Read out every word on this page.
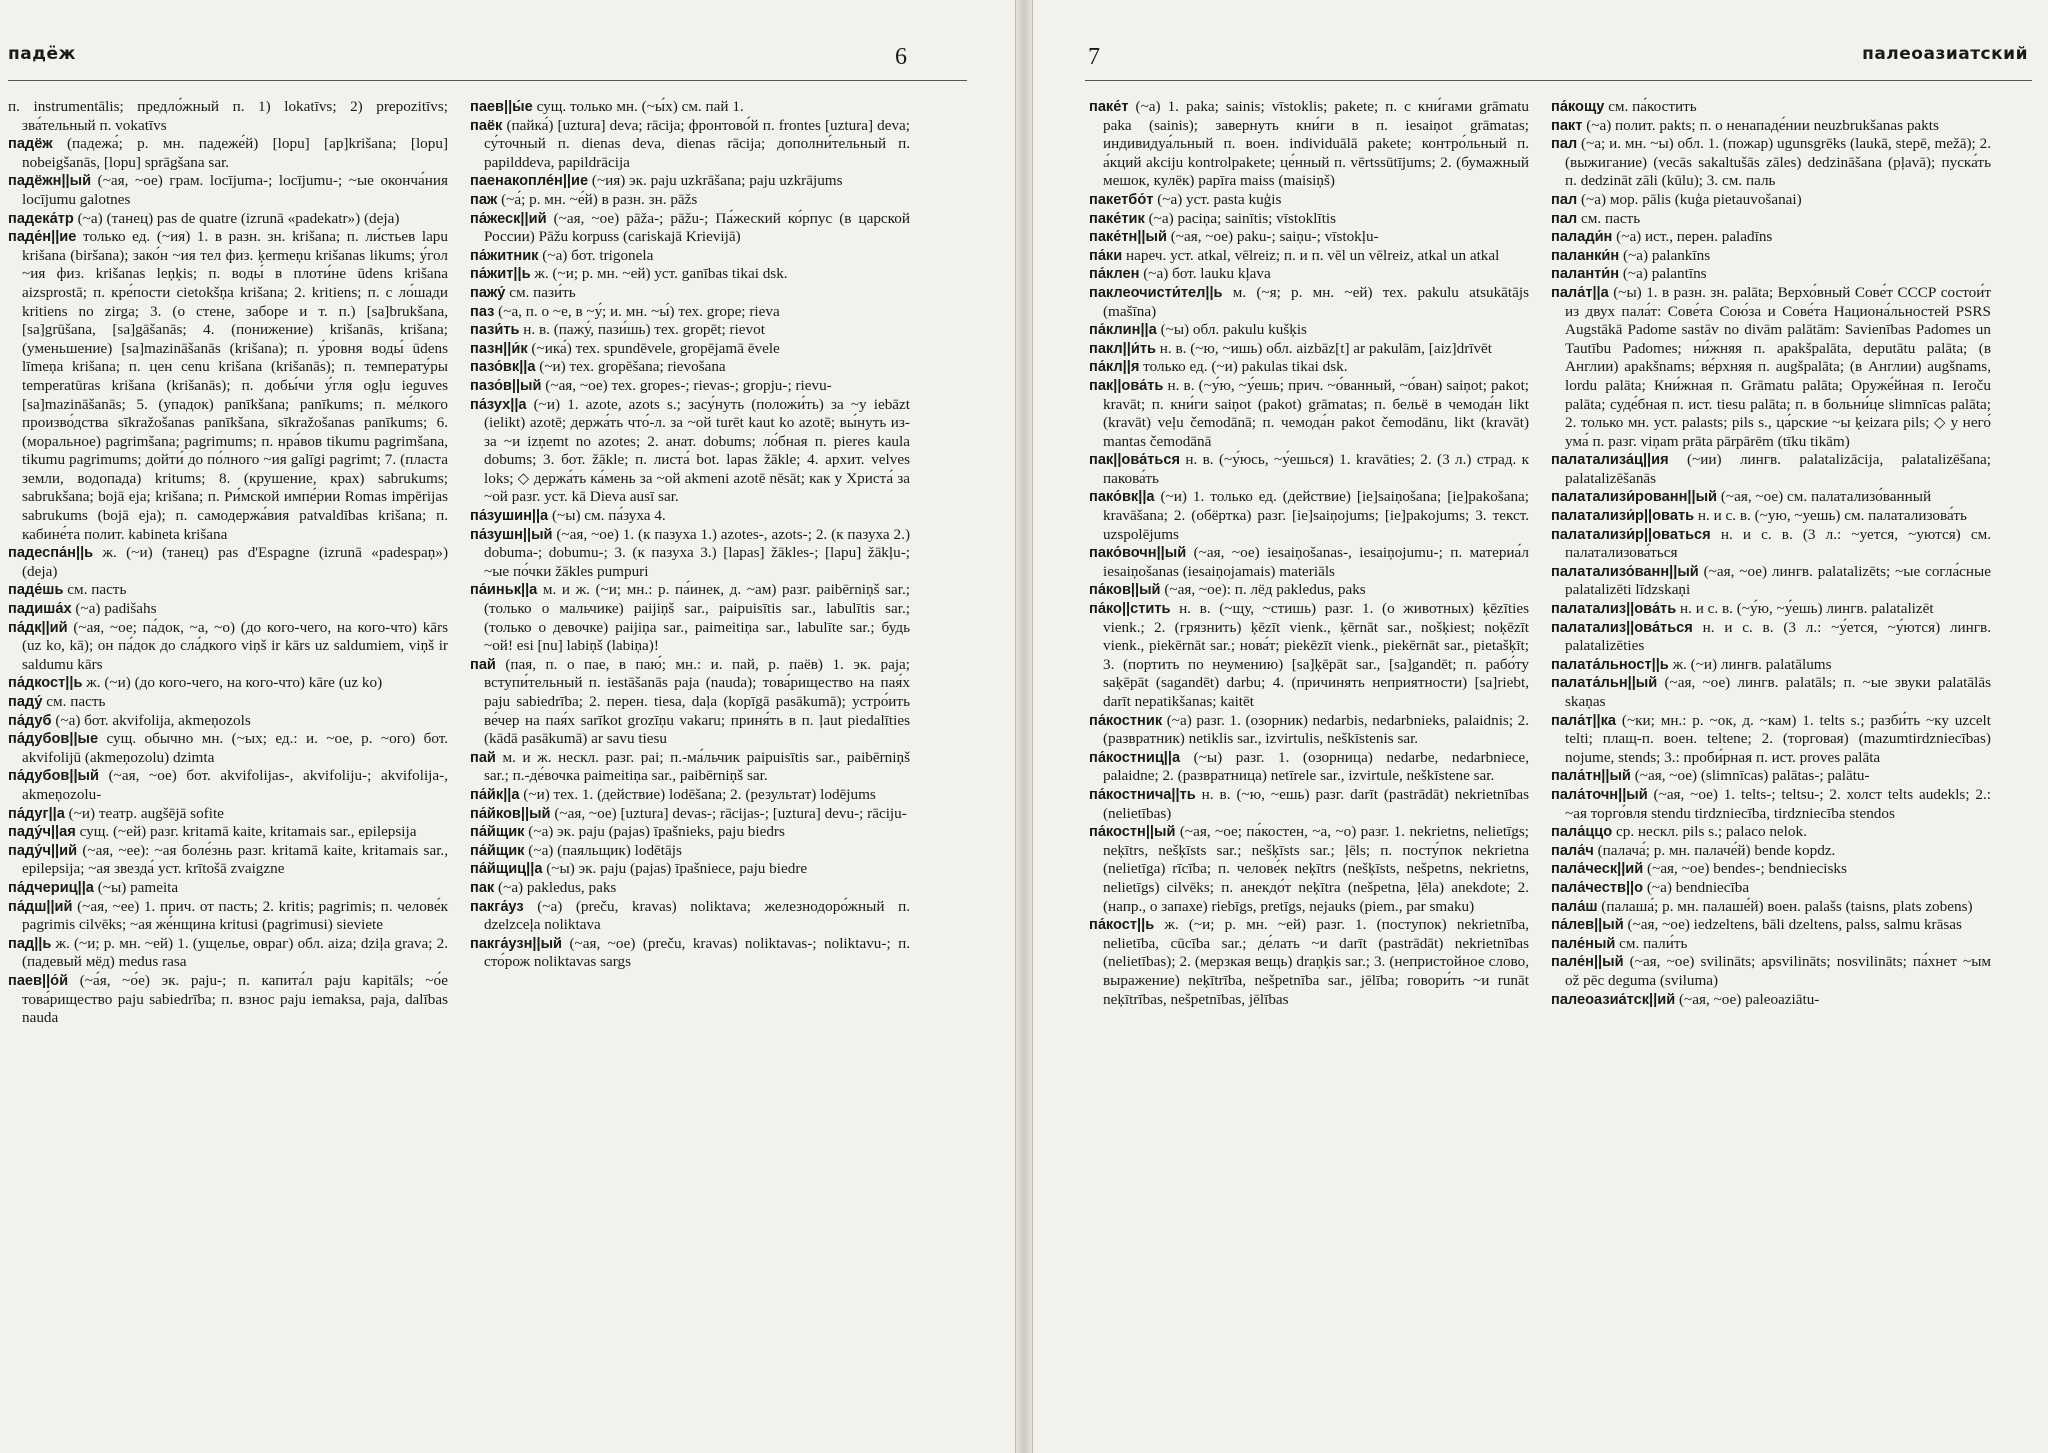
падёж	6

п. instrumentālis; предло́жный п. 1) lokatīvs; 2) prepozitīvs; зва́тельный п. vokatīvs

падёж (падежа́; р. мн. падеже́й) [lopu] [ap]krišana; [lopu] nobeigšanās, [lopu] sprāgšana sar.

падёжн||ый (~ая, ~ое) грам. locījuma-; locījumu-; ~ые оконча́ния locījumu galotnes

падека́тр (~а) (танец) pas de quatre (izrunā «padekatr») (deja)

паде́н||ие только ед. (~ия) 1. в разн. зн. krišana; п. ли́стьев lapu krišana (biršana); зако́н ~ия тел физ. ķermeņu krišanas likums; у́гол ~ия физ. krišanas leņķis; п. воды́ в плоти́не ūdens krišana aizsprostā; п. кре́пости cietokšņa krišana; 2. kritiens; п. с ло́шади kritiens no zirga; 3. (о стене, заборе и т. п.) [sa]brukšana, [sa]grūšana, [sa]gāšanās; 4. (понижение) krišanās, krišana; (уменьшение) [sa]mazināšanās (krišana); п. у́ровня воды́ ūdens līmeņa krišana; п. цен cenu krišana (krišanās); п. температу́ры temperatūras krišana (krišanās); п. добы́чи у́гля ogļu ieguves [sa]mazināšanās; 5. (упадок) panīkšana; panīkums; п. ме́лкого произво́дства sīkražošanas panīkšana, sīkražošanas panīkums; 6. (моральное) pagrimšana; pagrimums; п. нра́вов tikumu pagrimšana, tikumu pagrimums; дойти́ до по́лного ~ия galīgi pagrimt; 7. (пласта земли, водопада) kritums; 8. (крушение, крах) sabrukums; sabrukšana; bojā eja; krišana; п. Ри́мской импе́рии Romas impērijas sabrukums (bojā eja); п. самодержа́вия patvaldības krišana; п. кабине́та полит. kabineta krišana

падеспа́н||ь ж. (~и) (танец) pas d'Espagne (izrunā «padespaņ») (deja)

паде́шь см. пасть

падиша́х (~а) padišahs

па́дк||ий (~ая, ~ое; па́док, ~а, ~о) (до кого-чего, на кого-что) kārs (uz ko, kā); он па́док до сла́дкого viņš ir kārs uz saldumiem, viņš ir saldumu kārs

па́дкост||ь ж. (~и) (до кого-чего, на кого-что) kāre (uz ko)

паду́ см. пасть

па́дуб (~а) бот. akvifolija, akmeņozols

па́дубов||ые сущ. обычно мн. (~ых; ед.: и. ~ое, р. ~ого) бот. akvifolijū (akmeņozolu) dzimta

па́дубов||ый (~ая, ~ое) бот. akvifolijas-, akvifoliju-; akvifolija-, akmeņozolu-

па́дуг||а (~и) театр. augšējā sofite

паду́ч||ая сущ. (~ей) разг. kritamā kaite, kritamais sar., epilepsija

паду́ч||ий (~ая, ~ее): ~ая боле́знь разг. kritamā kaite, kritamais sar., epilepsija; ~ая звезда́ уст. krītošā zvaigzne

па́дчериц||а (~ы) pameita

па́дш||ий (~ая, ~ее) 1. прич. от пасть; 2. kritis; pagrimis; п. челове́к pagrimis cilvēks; ~ая же́нщина kritusi (pagrimusi) sieviete

пад||ь ж. (~и; р. мн. ~ей) 1. (ущелье, овраг) обл. aiza; dziļa grava; 2. (падевый мёд) medus rasa

паев||о́й (~а́я, ~о́е) эк. paju-; п. капита́л paju kapitāls; ~о́е това́рищество paju sabiedrība; п. взнос paju iemaksa, paja, dalības nauda

паев||ы́е сущ. только мн. (~ы́х) см. пай 1.

паёк (пайка́) [uztura] deva; rācija; фронтово́й п. frontes [uztura] deva; су́точный п. dienas deva, dienas rācija; дополни́тельный п. papilddeva, papildrācija

паенакопле́н||ие (~ия) эк. paju uzkrāšana; paju uzkrājums

паж (~а́; р. мн. ~е́й) в разн. зн. pāžs

па́жеск||ий (~ая, ~ое) pāža-; pāžu-; Па́жеский ко́рпус (в царской России) Pāžu korpuss (cariskajā Krievijā)

па́житник (~а) бот. trigonela

па́жит||ь ж. (~и; р. мн. ~ей) уст. ganības tikai dsk.

пажу́ см. пази́ть

паз (~а, п. о ~е, в ~у́; и. мн. ~ы́) тех. grope; rieva

пази́ть н. в. (пажу́, пази́шь) тех. gropēt; rievot

пазн||и́к (~ика́) тех. spundēvele, gropējamā ēvele

пазо́вк||а (~и) тех. gropēšana; rievošana

пазо́в||ый (~ая, ~ое) тех. gropes-; rievas-; gropju-; rievu-

па́зух||а (~и) 1. azote, azots s.; засу́нуть (положи́ть) за ~у iebāzt (ielikt) azotē; держа́ть что́-л. за ~ой turēt kaut ko azotē; вы́нуть из-за ~и izņemt no azotes; 2. анат. dobums; ло́бная п. pieres kaula dobums; 3. бот. žākle; п. листа́ bot. lapas žākle; 4. архит. velves loks; ◇ держа́ть ка́мень за ~ой akmeni azotē nēsāt; как у Христа́ за ~ой разг. уст. kā Dieva ausī sar.

па́зушин||а (~ы) см. па́зуха 4.

па́зушн||ый (~ая, ~ое) 1. (к пазуха 1.) azotes-, azots-; 2. (к пазуха 2.) dobuma-; dobumu-; 3. (к пазуха 3.) [lapas] žākles-; [lapu] žākļu-; ~ые по́чки žākles pumpuri

па́иньк||а м. и ж. (~и; мн.: р. па́инек, д. ~ам) разг. paibērniņš sar.; (только о мальчике) paijiņš sar., paipuisītis sar., labulītis sar.; (только о девочке) paijiņa sar., paimeitiņa sar., labulīte sar.; будь ~ой! esi [nu] labiņš (labiņa)!

пай (пая, п. о пае, в паю́; мн.: и. пай, р. паёв) 1. эк. paja; вступи́тельный п. iestāšanās paja (nauda); това́рищество на пая́х paju sabiedrība; 2. перен. tiesa, daļa (kopīgā pasākumā); устро́ить ве́чер на пая́х sarīkot grozīņu vakaru; приня́ть в п. ļaut piedalīties (kādā pasākumā) ar savu tiesu

пай м. и ж. нескл. разг. pai; п.-ма́льчик paipuisītis sar., paibērniņš sar.; п.-де́вочка paimeitiņa sar., paibērniņš sar.

па́йк||а (~и) тех. 1. (действие) lodēšana; 2. (результат) lodējums

па́йков||ый (~ая, ~ое) [uztura] devas-; rācijas-; [uztura] devu-; rāciju-

па́йщик (~а) эк. paju (pajas) īpašnieks, paju biedrs

па́йщик (~а) (паяльщик) lodētājs

па́йщиц||а (~ы) эк. paju (pajas) īpašniece, paju biedre

пак (~а) pakledus, paks

пакга́уз (~а) (preču, kravas) noliktava; железнодоро́жный п. dzelzceļa noliktava

пакга́узн||ый (~ая, ~ое) (preču, kravas) noliktavas-; noliktavu-; п. сто́рож noliktavas sargs

7	палеоазиатский

паке́т (~а) 1. paka; sainis; vīstoklis; pakete; п. с кни́гами grāmatu paka (sainis); завернуть кни́ги в п. iesaiņot grāmatas; индивидуа́льный п. воен. individuālā pakete; контро́льный п. а́кций akciju kontrolpakete; це́нный п. vērtssūtījums; 2. (бумажный мешок, кулёк) papīra maiss (maisiņš)

пакетбо́т (~а) уст. pasta kuģis

паке́тик (~а) paciņa; sainītis; vīstoklītis

паке́тн||ый (~ая, ~ое) paku-; saiņu-; vīstokļu-

па́ки нареч. уст. atkal, vēlreiz; п. и п. vēl un vēlreiz, atkal un atkal

па́клен (~а) бот. lauku kļava

паклеочисти́тел||ь м. (~я; р. мн. ~ей) тех. pakulu atsukātājs (mašīna)

па́клин||а (~ы) обл. pakulu kušķis

пакл||и́ть н. в. (~ю, ~ишь) обл. aizbāz[t] ar pakulām, [aiz]drīvēt

па́кл||я только ед. (~и) pakulas tikai dsk.

пак||ова́ть н. в. (~у́ю, ~у́ешь; прич. ~о́ванный, ~о́ван) saiņot; pakot; kravāt; п. кни́ги saiņot (pakot) grāmatas; п. бельё в чемода́н likt (kravāt) veļu čemodānā; п. чемода́н pakot čemodānu, likt (kravāt) mantas čemodānā

пак||ова́ться н. в. (~у́юсь, ~у́ешься) 1. kravāties; 2. (3 л.) страд. к пакова́ть

пако́вк||а (~и) 1. только ед. (действие) [ie]saiņošana; [ie]pakošana; kravāšana; 2. (обёртка) разг. [ie]saiņojums; [ie]pakojums; 3. текст. uzspolējums

пако́вочн||ый (~ая, ~ое) iesaiņošanas-, iesaiņojumu-; п. материа́л iesaiņošanas (iesaiņojamais) materiāls

па́ков||ый (~ая, ~ое): п. лёд pakledus, paks

па́ко||стить н. в. (~щу, ~стишь) разг. 1. (о животных) ķēzīties vienk.; 2. (грязнить) ķēzīt vienk., ķērnāt sar., nošķiest; noķēzīt vienk., piekērnāt sar.; нова́т; piekēzīt vienk., piekērnāt sar., pietašķīt; 3. (портить по неумению) [sa]ķēpāt sar., [sa]gandēt; п. рабо́ту saķēpāt (sagandēt) darbu; 4. (причинять неприятности) [sa]riebt, darīt nepatikšanas; kaitēt

па́костник (~а) разг. 1. (озорник) nedarbis, nedarbnieks, palaidnis; 2. (развратник) netiklis sar., izvirtulis, neškīstenis sar.

па́костниц||а (~ы) разг. 1. (озорница) nedarbe, nedarbniece, palaidne; 2. (развратница) netīrele sar., izvirtule, neškīstene sar.

па́костнича||ть н. в. (~ю, ~ешь) разг. darīt (pastrādāt) nekrietnības (nelietības)

па́костн||ый (~ая, ~ое; па́костен, ~а, ~о) разг. 1. nekrietns, nelietīgs; neķītrs, nešķīsts sar.; nešķīsts sar.; ļēls; п. посту́пок nekrietna (nelietīga) rīcība; п. челове́к neķītrs (nešķīsts, nešpetns, nekrietns, nelietīgs) cilvēks; п. анекдо́т neķītra (nešpetna, ļēla) anekdote; 2. (напр., о запахе) riebīgs, pretīgs, nejauks (piem., par smaku)

па́кост||ь ж. (~и; р. мн. ~ей) разг. 1. (поступок) nekrietnība, nelietība, cūcība sar.; де́лать ~и darīt (pastrādāt) nekrietnības (nelietības); 2. (мерзкая вещь) draņķis sar.; 3. (непристойное слово, выражение) neķītrība, nešpetnība sar., jēlība; говори́ть ~и runāt neķītrības, nešpetnības, jēlības

па́кощу см. па́костить

пакт (~а) полит. pakts; п. о ненападе́нии neuzbrukšanas pakts

пал (~а; и. мн. ~ы) обл. 1. (пожар) ugunsgrēks (laukā, stepē, mežā); 2. (выжигание) (vecās sakaltušās zāles) dedzināšana (pļavā); пуска́ть п. dedzināt zāli (kūlu); 3. см. паль

пал (~а) мор. pālis (kuģa pietauvošanai)

пал см. пасть

палади́н (~а) ист., перен. paladīns

паланки́н (~а) palankīns

паланти́н (~а) palantīns

пала́т||а (~ы) 1. в разн. зн. palāta; Верхо́вный Сове́т СССР состои́т из двух пала́т: Сове́та Сою́за и Сове́та Национа́льностей PSRS Augstākā Padome sastāv no divām palātām: Savienības Padomes un Tautību Padomes; ни́жняя п. apakšpalāta, deputātu palāta; (в Англии) apakšnams; ве́рхняя п. augšpalāta; (в Англии) augšnams, lordu palāta; Кни́жная п. Grāmatu palāta; Оруже́йная п. Ieroču palāta; суде́бная п. ист. tiesu palāta; п. в больни́це slimnīcas palāta; 2. только мн. уст. palasts; pils s., ца́рские ~ы ķeizara pils; ◇ у него́ ума́ п. разг. viņam prāta pārpārēm (tīku tikām)

палатализа́ц||ия (~ии) лингв. palatalizācija, palatalizēšana; palatalizēšanās

палатализи́рованн||ый (~ая, ~ое) см. палатализо́ванный

палатализи́р||овать н. и с. в. (~ую, ~уешь) см. палатализова́ть

палатализи́р||оваться н. и с. в. (3 л.: ~уется, ~уются) см. палатализова́ться

палатализо́ванн||ый (~ая, ~ое) лингв. palatalizēts; ~ые согла́сные palatalizēti līdzskaņi

палатализ||ова́ть н. и с. в. (~у́ю, ~у́ешь) лингв. palatalizēt

палатализ||ова́ться н. и с. в. (3 л.: ~у́ется, ~у́ются) лингв. palatalizēties

палата́льност||ь ж. (~и) лингв. palatālums

палата́льн||ый (~ая, ~ое) лингв. palatāls; п. ~ые звуки palatālās skaņas

пала́т||ка (~ки; мн.: р. ~ок, д. ~кам) 1. telts s.; разби́ть ~ку uzcelt telti; плащ-п. воен. teltene; 2. (торговая) (mazumtirdzniecības) nojume, stends; 3.: проби́рная п. ист. proves palāta

пала́тн||ый (~ая, ~ое) (slimnīcas) palātas-; palātu-

пала́точн||ый (~ая, ~ое) 1. telts-; teltsu-; 2. холст telts audekls; 2.: ~ая торго́вля stendu tirdzniecība, tirdzniecība stendos

пала́ццо ср. нескл. pils s.; palaco nelok.

пала́ч (палача́; р. мн. палаче́й) bende kopdz.

пала́ческ||ий (~ая, ~ое) bendes-; bendniecisks

пала́честв||о (~а) bendniecība

пала́ш (палаша́; р. мн. палаше́й) воен. palašs (taisns, plats zobens)

па́лев||ый (~ая, ~ое) iedzeltens, bāli dzeltens, palss, salmu krāsas

пале́ный см. пали́ть

пале́н||ый (~ая, ~ое) svilināts; apsvilināts; nosvilināts; па́хнет ~ым ož pēc deguma (sviluma)

палеоазиа́тск||ий (~ая, ~ое) paleoaziātu-
